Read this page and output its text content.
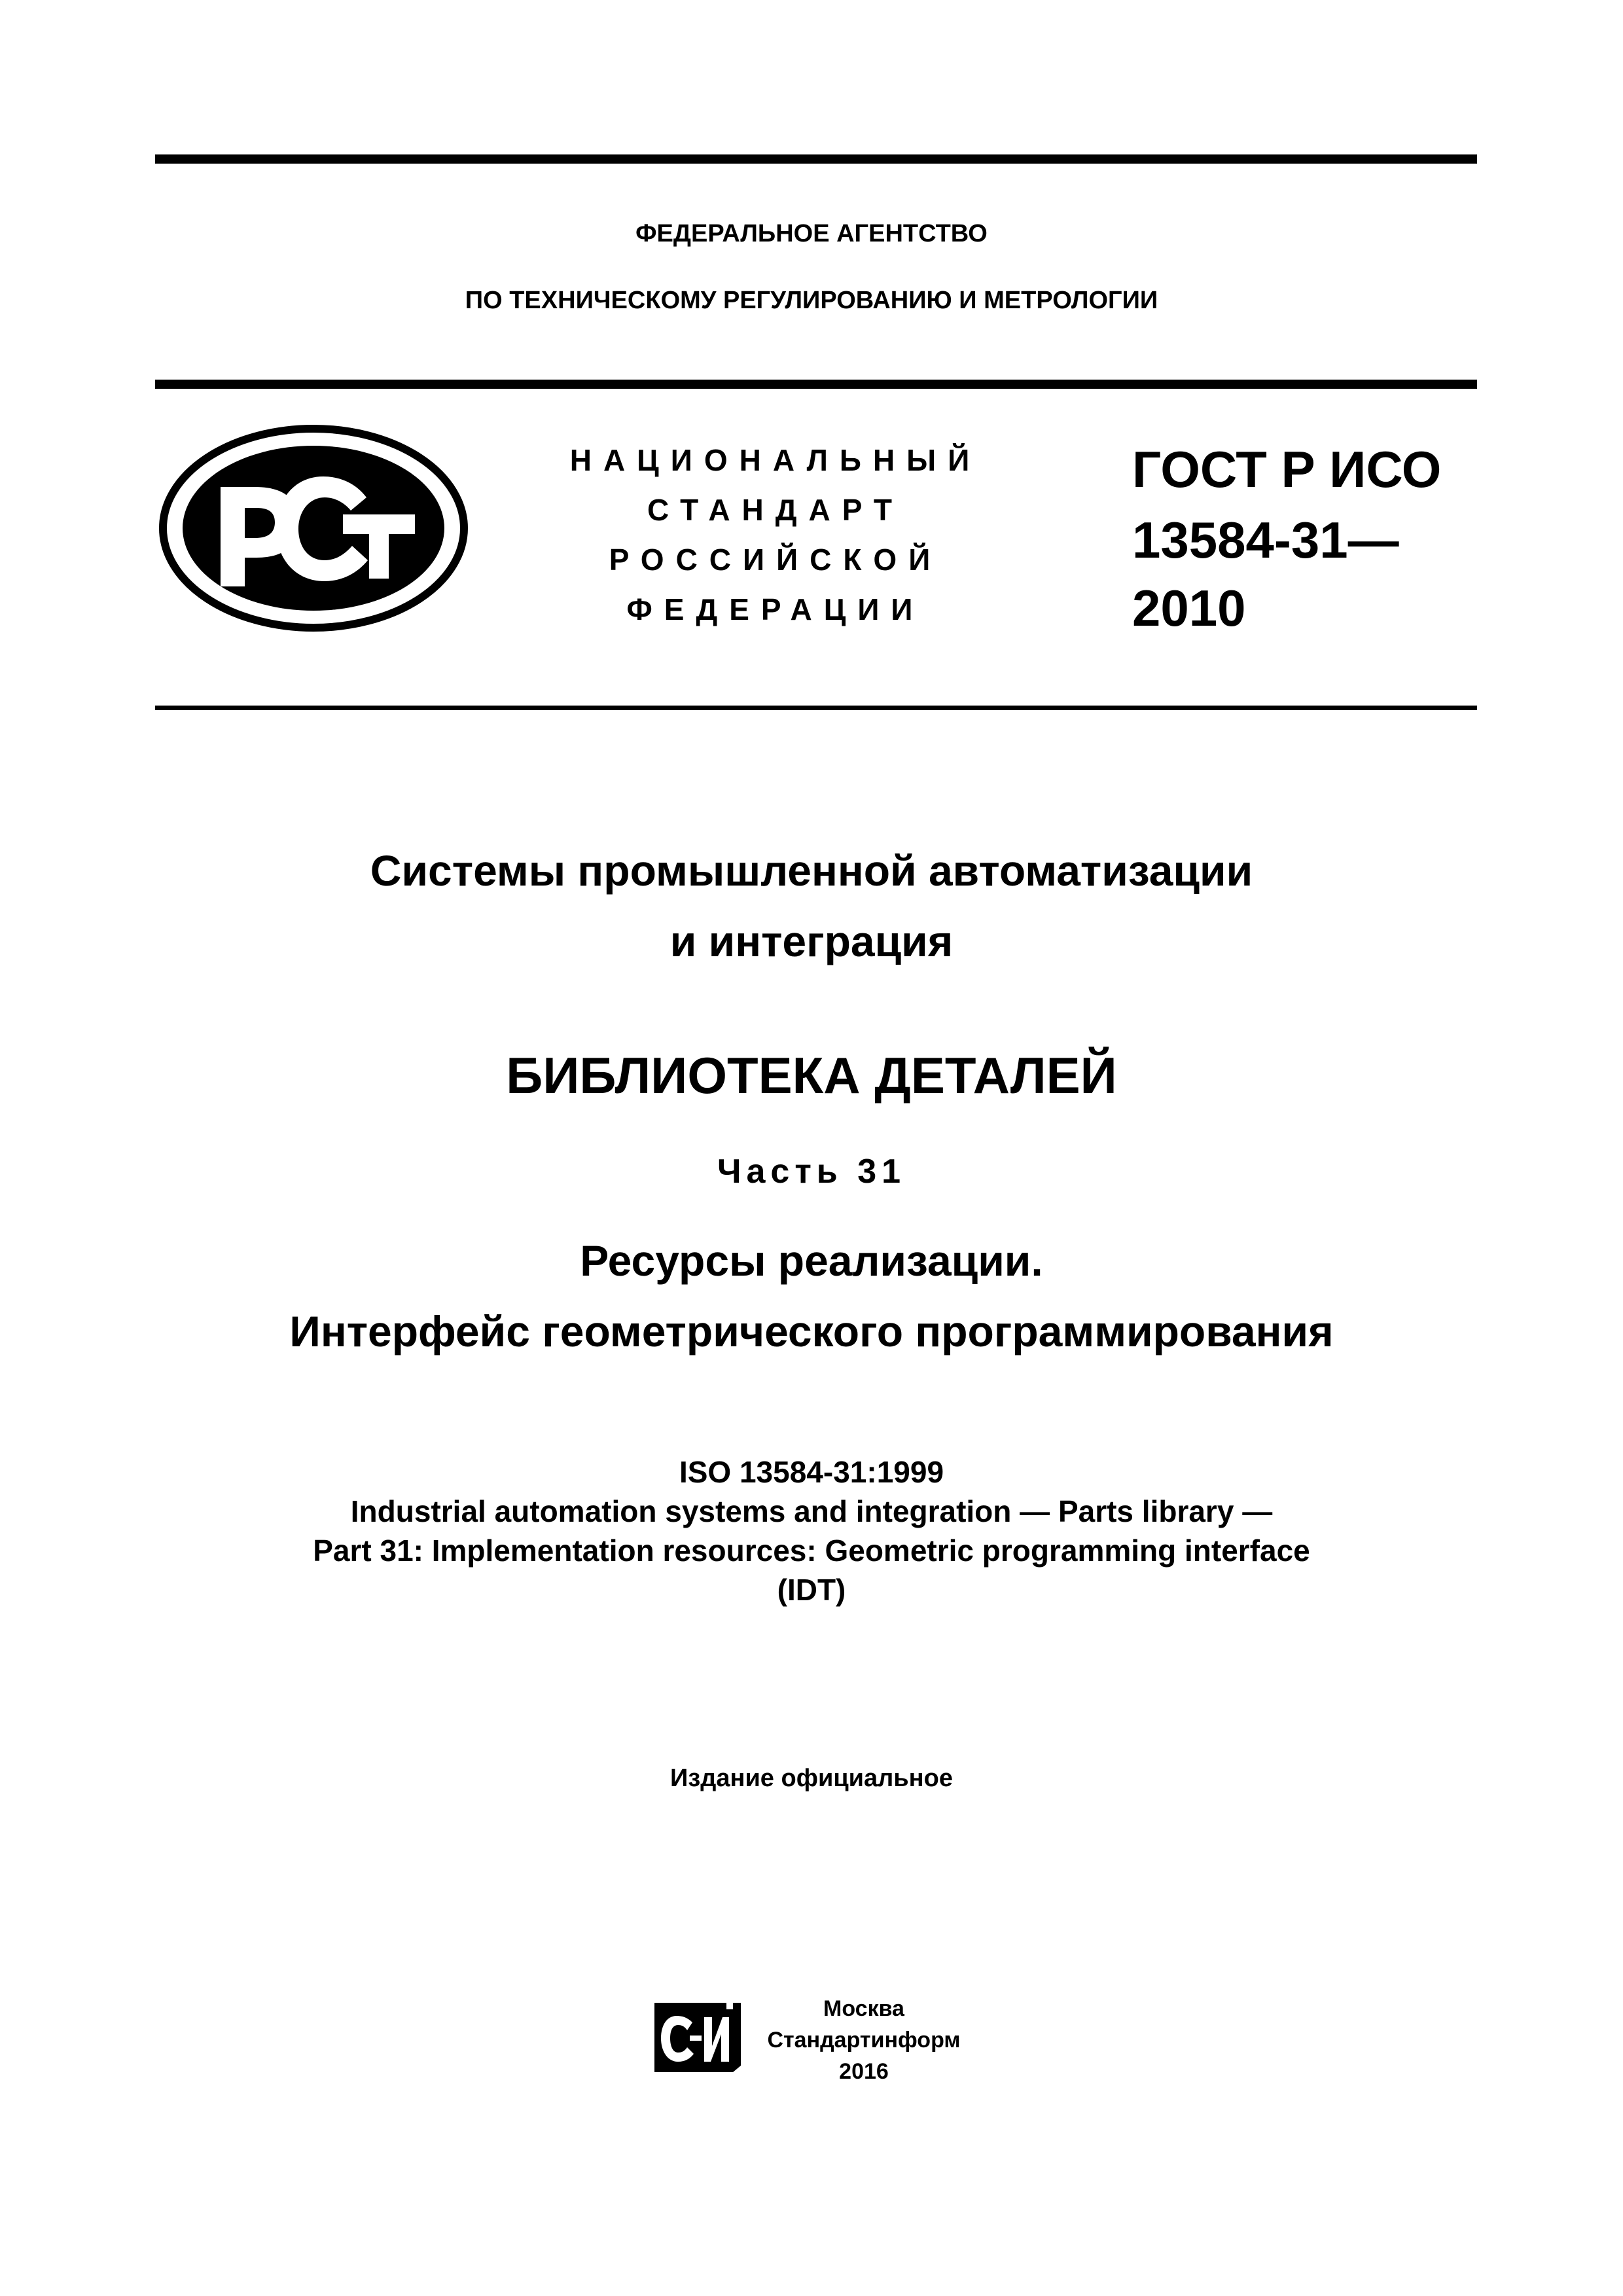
ФЕДЕРАЛЬНОЕ АГЕНТСТВО
ПО ТЕХНИЧЕСКОМУ РЕГУЛИРОВАНИЮ И МЕТРОЛОГИИ
НАЦИОНАЛЬНЫЙ
СТАНДАРТ
РОССИЙСКОЙ
ФЕДЕРАЦИИ
ГОСТ Р ИСО
13584-31—
2010
Системы промышленной автоматизации
и интеграция
БИБЛИОТЕКА ДЕТАЛЕЙ
Часть 31
Ресурсы реализации.
Интерфейс геометрического программирования
ISO 13584-31:1999
Industrial automation systems and integration — Parts library —
Part 31: Implementation resources: Geometric programming interface
(IDT)
Издание официальное
Москва
Стандартинформ
2016
